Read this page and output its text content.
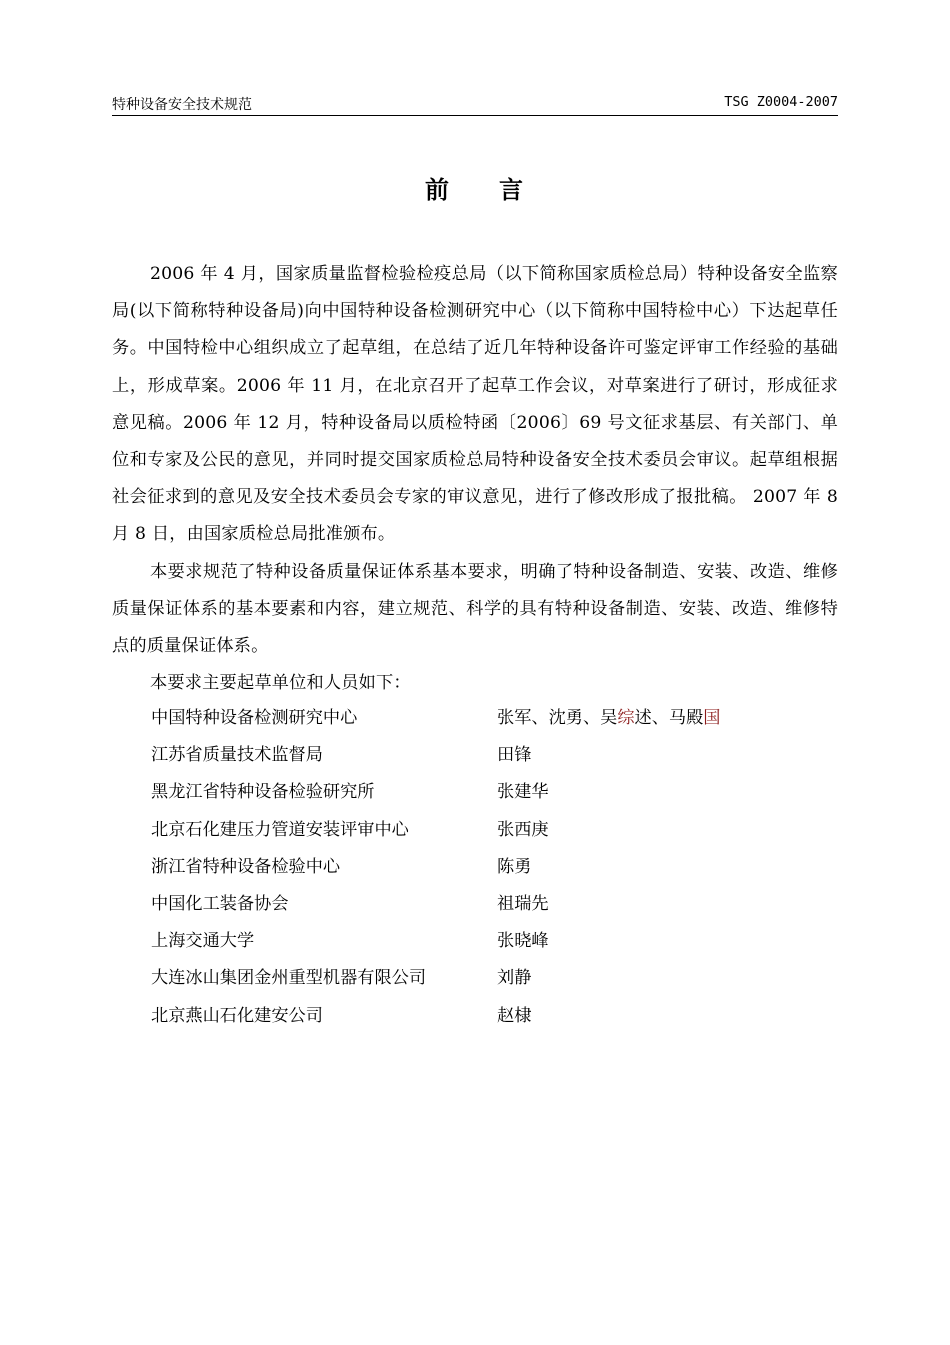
特种设备安全技术规范	TSG Z0004-2007
前 言

2006 年 4 月，国家质量监督检验检疫总局（以下简称国家质检总局）特种设备安全监察局(以下简称特种设备局)向中国特种设备检测研究中心（以下简称中国特检中心）下达起草任务。中国特检中心组织成立了起草组，在总结了近几年特种设备许可鉴定评审工作经验的基础上，形成草案。2006 年 11 月，在北京召开了起草工作会议，对草案进行了研讨，形成征求意见稿。2006 年 12 月，特种设备局以质检特函〔2006〕69 号文征求基层、有关部门、单位和专家及公民的意见，并同时提交国家质检总局特种设备安全技术委员会审议。起草组根据社会征求到的意见及安全技术委员会专家的审议意见，进行了修改形成了报批稿。 2007 年 8 月 8 日，由国家质检总局批准颁布。

本要求规范了特种设备质量保证体系基本要求，明确了特种设备制造、安装、改造、维修质量保证体系的基本要素和内容，建立规范、科学的具有特种设备制造、安装、改造、维修特点的质量保证体系。

本要求主要起草单位和人员如下：

中国特种设备检测研究中心	张军、沈勇、吴综述、马殿国
江苏省质量技术监督局	田锋
黑龙江省特种设备检验研究所	张建华
北京石化建压力管道安装评审中心	张西庚
浙江省特种设备检验中心	陈勇
中国化工装备协会	祖瑞先
上海交通大学	张晓峰
大连冰山集团金州重型机器有限公司	刘静
北京燕山石化建安公司	赵棣
